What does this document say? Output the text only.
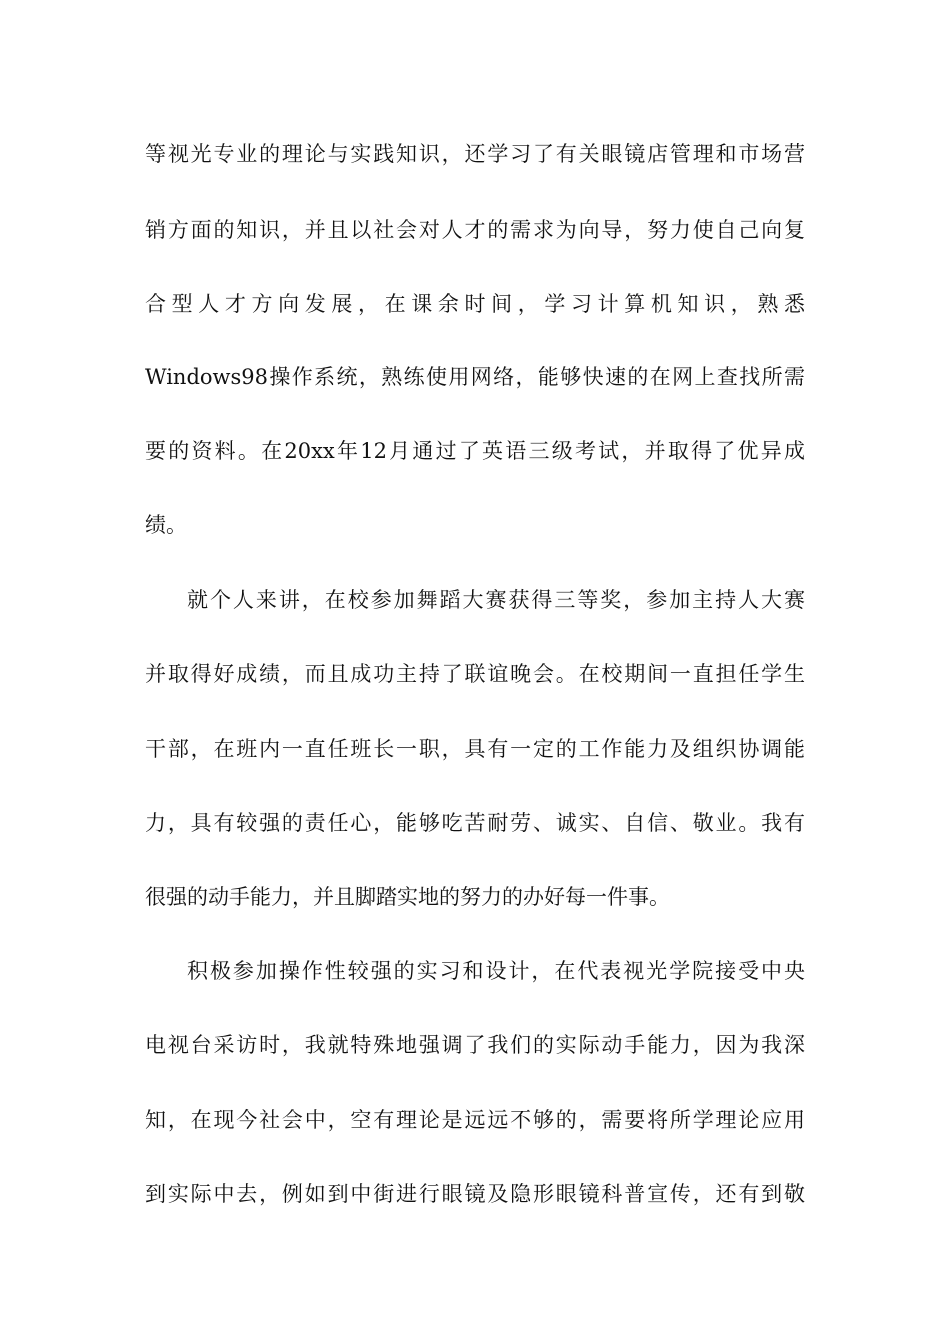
等视光专业的理论与实践知识，还学习了有关眼镜店管理和市场营
销方面的知识，并且以社会对人才的需求为向导，努力使自己向复
合型人才方向发展，在课余时间，学习计算机知识，熟悉
Windows98操作系统，熟练使用网络，能够快速的在网上查找所需
要的资料。在20xx年12月通过了英语三级考试，并取得了优异成
绩。
就个人来讲，在校参加舞蹈大赛获得三等奖，参加主持人大赛
并取得好成绩，而且成功主持了联谊晚会。在校期间一直担任学生
干部，在班内一直任班长一职，具有一定的工作能力及组织协调能
力，具有较强的责任心，能够吃苦耐劳、诚实、自信、敬业。我有
很强的动手能力，并且脚踏实地的努力的办好每一件事。
积极参加操作性较强的实习和设计，在代表视光学院接受中央
电视台采访时，我就特殊地强调了我们的实际动手能力，因为我深
知，在现今社会中，空有理论是远远不够的，需要将所学理论应用
到实际中去，例如到中街进行眼镜及隐形眼镜科普宣传，还有到敬
